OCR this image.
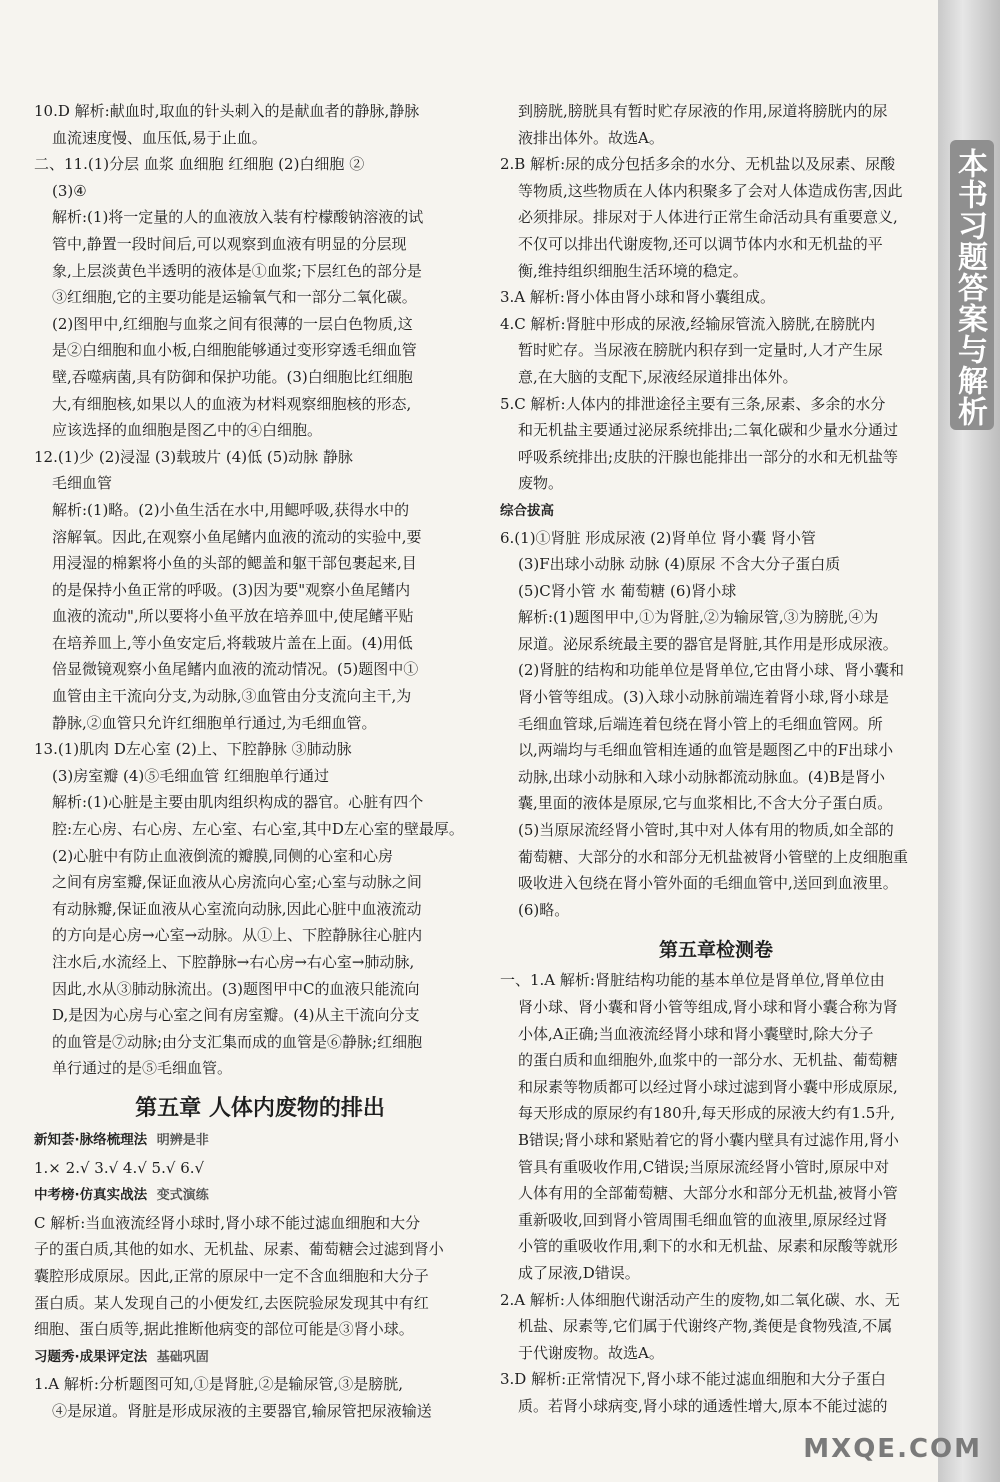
本书习题答案与解析

10.D 解析:献血时,取血的针头刺入的是献血者的静脉,静脉

血流速度慢、血压低,易于止血。

二、11.(1)分层 血浆 血细胞 红细胞 (2)白细胞 ②

(3)④

解析:(1)将一定量的人的血液放入装有柠檬酸钠溶液的试

管中,静置一段时间后,可以观察到血液有明显的分层现

象,上层淡黄色半透明的液体是①血浆;下层红色的部分是

③红细胞,它的主要功能是运输氧气和一部分二氧化碳。

(2)图甲中,红细胞与血浆之间有很薄的一层白色物质,这

是②白细胞和血小板,白细胞能够通过变形穿透毛细血管

壁,吞噬病菌,具有防御和保护功能。(3)白细胞比红细胞

大,有细胞核,如果以人的血液为材料观察细胞核的形态,

应该选择的血细胞是图乙中的④白细胞。

12.(1)少 (2)浸湿 (3)载玻片 (4)低 (5)动脉 静脉

毛细血管

解析:(1)略。(2)小鱼生活在水中,用鳃呼吸,获得水中的

溶解氧。因此,在观察小鱼尾鳍内血液的流动的实验中,要

用浸湿的棉絮将小鱼的头部的鳃盖和躯干部包裹起来,目

的是保持小鱼正常的呼吸。(3)因为要"观察小鱼尾鳍内

血液的流动",所以要将小鱼平放在培养皿中,使尾鳍平贴

在培养皿上,等小鱼安定后,将载玻片盖在上面。(4)用低

倍显微镜观察小鱼尾鳍内血液的流动情况。(5)题图中①

血管由主干流向分支,为动脉,③血管由分支流向主干,为

静脉,②血管只允许红细胞单行通过,为毛细血管。

13.(1)肌肉 D左心室 (2)上、下腔静脉 ③肺动脉

(3)房室瓣 (4)⑤毛细血管 红细胞单行通过

解析:(1)心脏是主要由肌肉组织构成的器官。心脏有四个

腔:左心房、右心房、左心室、右心室,其中D左心室的壁最厚。

(2)心脏中有防止血液倒流的瓣膜,同侧的心室和心房

之间有房室瓣,保证血液从心房流向心室;心室与动脉之间

有动脉瓣,保证血液从心室流向动脉,因此心脏中血液流动

的方向是心房→心室→动脉。从①上、下腔静脉往心脏内

注水后,水流经上、下腔静脉→右心房→右心室→肺动脉,

因此,水从③肺动脉流出。(3)题图甲中C的血液只能流向

D,是因为心房与心室之间有房室瓣。(4)从主干流向分支

的血管是⑦动脉;由分支汇集而成的血管是⑥静脉;红细胞

单行通过的是⑤毛细血管。

第五章 人体内废物的排出

新知荟·脉络梳理法 明辨是非

1.× 2.√ 3.√ 4.√ 5.√ 6.√

中考榜·仿真实战法 变式演练

C 解析:当血液流经肾小球时,肾小球不能过滤血细胞和大分

子的蛋白质,其他的如水、无机盐、尿素、葡萄糖会过滤到肾小

囊腔形成原尿。因此,正常的原尿中一定不含血细胞和大分子

蛋白质。某人发现自己的小便发红,去医院验尿发现其中有红

细胞、蛋白质等,据此推断他病变的部位可能是③肾小球。

习题秀·成果评定法 基础巩固

1.A 解析:分析题图可知,①是肾脏,②是输尿管,③是膀胱,

④是尿道。肾脏是形成尿液的主要器官,输尿管把尿液输送

到膀胱,膀胱具有暂时贮存尿液的作用,尿道将膀胱内的尿

液排出体外。故选A。

2.B 解析:尿的成分包括多余的水分、无机盐以及尿素、尿酸

等物质,这些物质在人体内积聚多了会对人体造成伤害,因此

必须排尿。排尿对于人体进行正常生命活动具有重要意义,

不仅可以排出代谢废物,还可以调节体内水和无机盐的平

衡,维持组织细胞生活环境的稳定。

3.A 解析:肾小体由肾小球和肾小囊组成。

4.C 解析:肾脏中形成的尿液,经输尿管流入膀胱,在膀胱内

暂时贮存。当尿液在膀胱内积存到一定量时,人才产生尿

意,在大脑的支配下,尿液经尿道排出体外。

5.C 解析:人体内的排泄途径主要有三条,尿素、多余的水分

和无机盐主要通过泌尿系统排出;二氧化碳和少量水分通过

呼吸系统排出;皮肤的汗腺也能排出一部分的水和无机盐等

废物。

综合拔高

6.(1)①肾脏 形成尿液 (2)肾单位 肾小囊 肾小管

(3)F出球小动脉 动脉 (4)原尿 不含大分子蛋白质

(5)C肾小管 水 葡萄糖 (6)肾小球

解析:(1)题图甲中,①为肾脏,②为输尿管,③为膀胱,④为

尿道。泌尿系统最主要的器官是肾脏,其作用是形成尿液。

(2)肾脏的结构和功能单位是肾单位,它由肾小球、肾小囊和

肾小管等组成。(3)入球小动脉前端连着肾小球,肾小球是

毛细血管球,后端连着包绕在肾小管上的毛细血管网。所

以,两端均与毛细血管相连通的血管是题图乙中的F出球小

动脉,出球小动脉和入球小动脉都流动脉血。(4)B是肾小

囊,里面的液体是原尿,它与血浆相比,不含大分子蛋白质。

(5)当原尿流经肾小管时,其中对人体有用的物质,如全部的

葡萄糖、大部分的水和部分无机盐被肾小管壁的上皮细胞重

吸收进入包绕在肾小管外面的毛细血管中,送回到血液里。

(6)略。

第五章检测卷

一、1.A 解析:肾脏结构功能的基本单位是肾单位,肾单位由

肾小球、肾小囊和肾小管等组成,肾小球和肾小囊合称为肾

小体,A正确;当血液流经肾小球和肾小囊壁时,除大分子

的蛋白质和血细胞外,血浆中的一部分水、无机盐、葡萄糖

和尿素等物质都可以经过肾小球过滤到肾小囊中形成原尿,

每天形成的原尿约有180升,每天形成的尿液大约有1.5升,

B错误;肾小球和紧贴着它的肾小囊内壁具有过滤作用,肾小

管具有重吸收作用,C错误;当原尿流经肾小管时,原尿中对

人体有用的全部葡萄糖、大部分水和部分无机盐,被肾小管

重新吸收,回到肾小管周围毛细血管的血液里,原尿经过肾

小管的重吸收作用,剩下的水和无机盐、尿素和尿酸等就形

成了尿液,D错误。

2.A 解析:人体细胞代谢活动产生的废物,如二氧化碳、水、无

机盐、尿素等,它们属于代谢终产物,粪便是食物残渣,不属

于代谢废物。故选A。

3.D 解析:正常情况下,肾小球不能过滤血细胞和大分子蛋白

质。若肾小球病变,肾小球的通透性增大,原本不能过滤的

MXQE.COM
